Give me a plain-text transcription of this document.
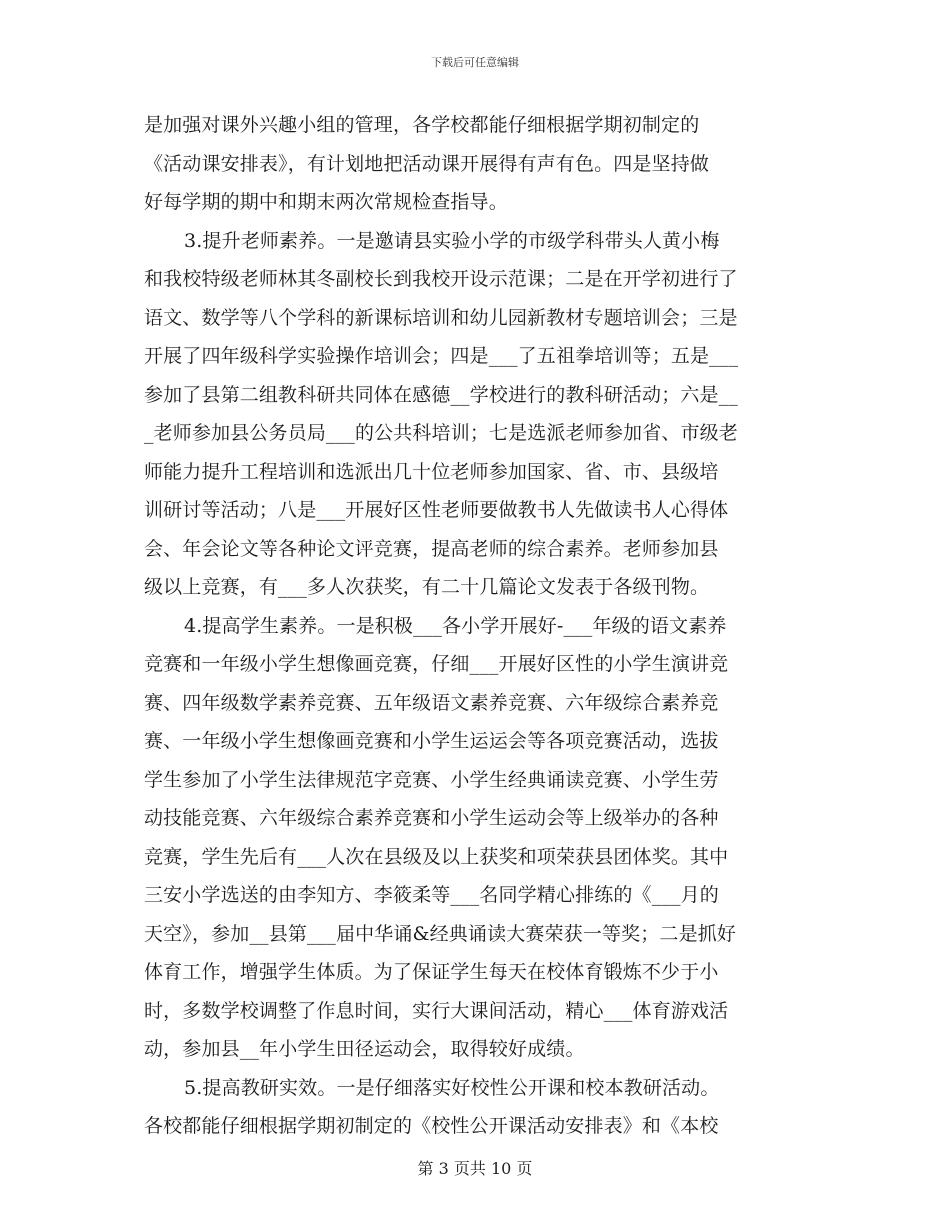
下载后可任意编辑
是加强对课外兴趣小组的管理，各学校都能仔细根据学期初制定的
《活动课安排表》，有计划地把活动课开展得有声有色。四是坚持做
好每学期的期中和期末两次常规检查指导。
3.提升老师素养。一是邀请县实验小学的市级学科带头人黄小梅
和我校特级老师林其冬副校长到我校开设示范课；二是在开学初进行了
语文、数学等八个学科的新课标培训和幼儿园新教材专题培训会；三是
开展了四年级科学实验操作培训会；四是___了五祖拳培训等；五是___
参加了县第二组教科研共同体在感德__学校进行的教科研活动；六是__
_老师参加县公务员局___的公共科培训；七是选派老师参加省、市级老
师能力提升工程培训和选派出几十位老师参加国家、省、市、县级培
训研讨等活动；八是___开展好区性老师要做教书人先做读书人心得体
会、年会论文等各种论文评竞赛，提高老师的综合素养。老师参加县
级以上竞赛，有___多人次获奖，有二十几篇论文发表于各级刊物。
4.提高学生素养。一是积极___各小学开展好-___年级的语文素养
竞赛和一年级小学生想像画竞赛，仔细___开展好区性的小学生演讲竞
赛、四年级数学素养竞赛、五年级语文素养竞赛、六年级综合素养竞
赛、一年级小学生想像画竞赛和小学生运运会等各项竞赛活动，选拔
学生参加了小学生法律规范字竞赛、小学生经典诵读竞赛、小学生劳
动技能竞赛、六年级综合素养竞赛和小学生运动会等上级举办的各种
竞赛，学生先后有___人次在县级及以上获奖和项荣获县团体奖。其中
三安小学选送的由李知方、李筱柔等___名同学精心排练的《___月的
天空》，参加__县第___届中华诵&经典诵读大赛荣获一等奖；二是抓好
体育工作，增强学生体质。为了保证学生每天在校体育锻炼不少于小
时，多数学校调整了作息时间，实行大课间活动，精心___体育游戏活
动，参加县__年小学生田径运动会，取得较好成绩。
5.提高教研实效。一是仔细落实好校性公开课和校本教研活动。
各校都能仔细根据学期初制定的《校性公开课活动安排表》和《本校
第 3 页共 10 页
